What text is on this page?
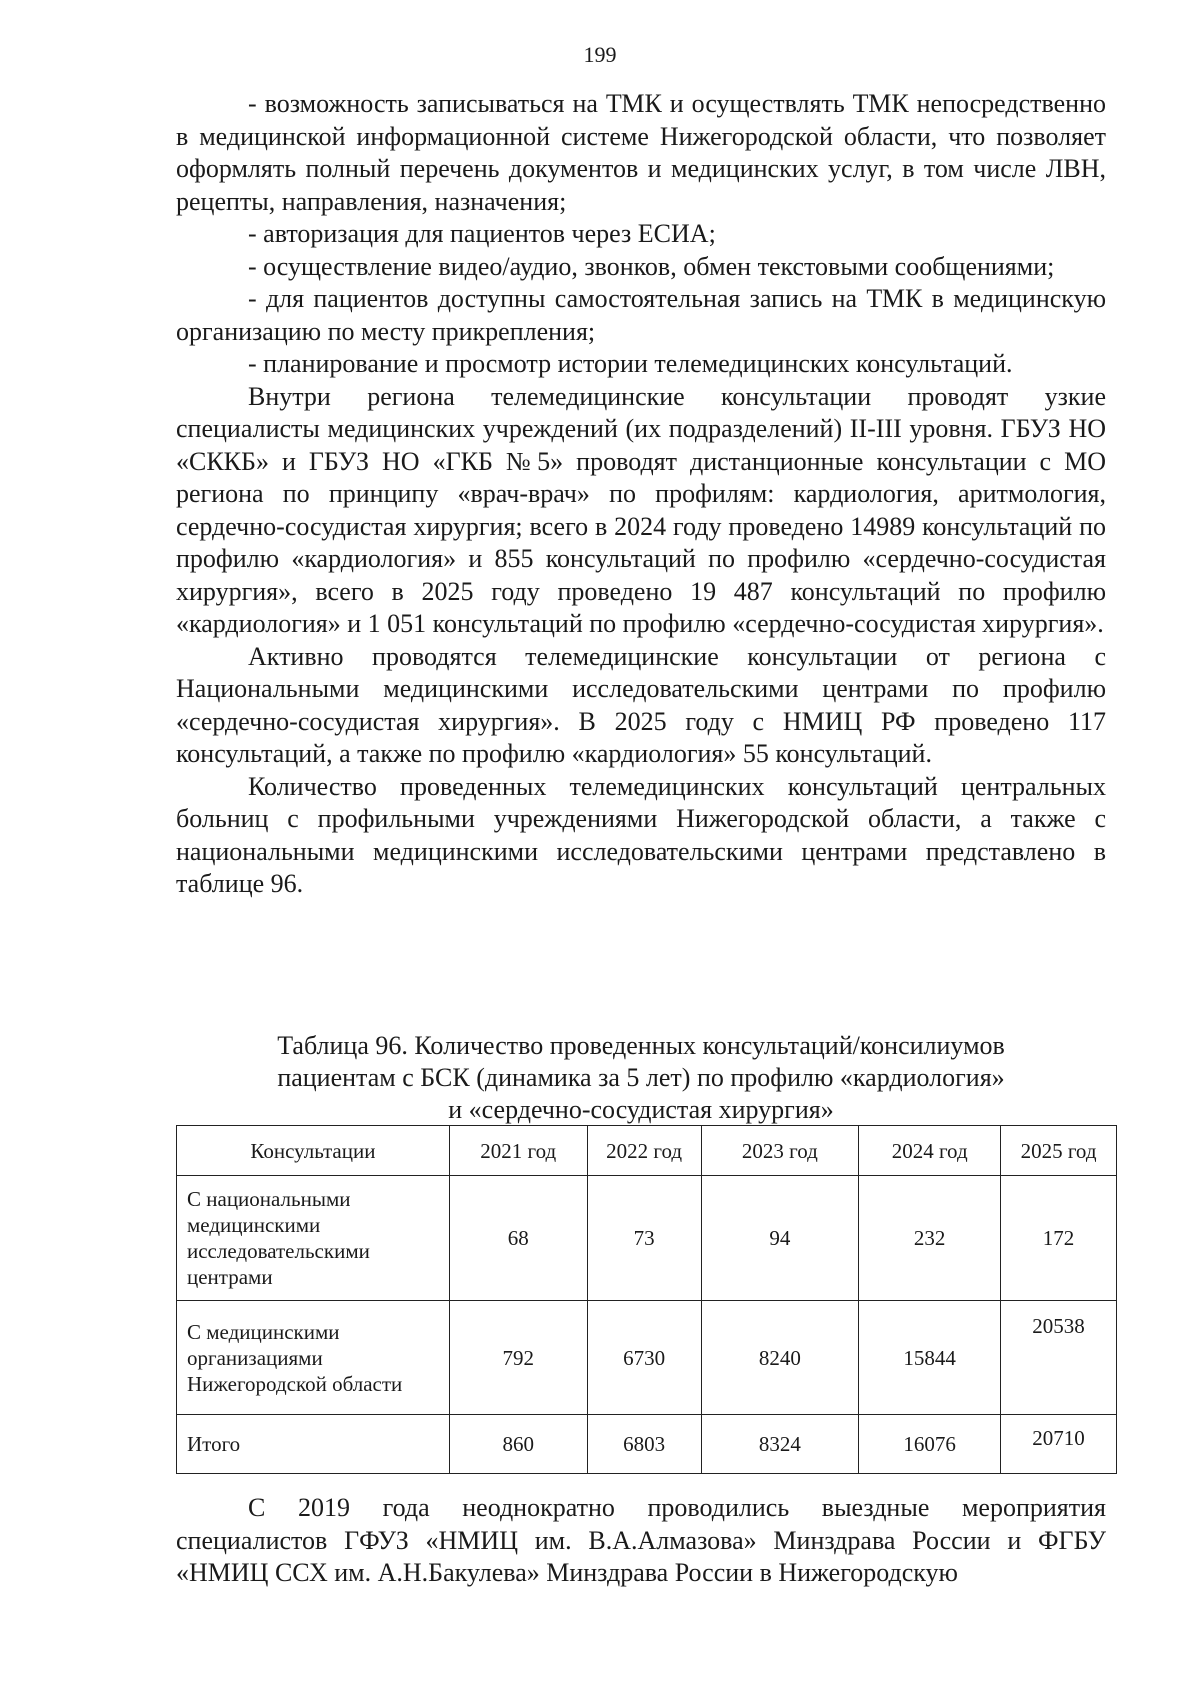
199

- возможность записываться на ТМК и осуществлять ТМК непосредственно в медицинской информационной системе Нижегородской области, что позволяет оформлять полный перечень документов и медицинских услуг, в том числе ЛВН, рецепты, направления, назначения;

- авторизация для пациентов через ЕСИА;

- осуществление видео/аудио, звонков, обмен текстовыми сообщениями;

- для пациентов доступны самостоятельная запись на ТМК в медицинскую организацию по месту прикрепления;

- планирование и просмотр истории телемедицинских консультаций.

Внутри региона телемедицинские консультации проводят узкие специалисты медицинских учреждений (их подразделений) II-III уровня. ГБУЗ НО «СККБ» и ГБУЗ НО «ГКБ №5» проводят дистанционные консультации с МО региона по принципу «врач-врач» по профилям: кардиология, аритмология, сердечно-сосудистая хирургия; всего в 2024 году проведено 14989 консультаций по профилю «кардиология» и 855 консультаций по профилю «сердечно-сосудистая хирургия», всего в 2025 году проведено 19 487 консультаций по профилю «кардиология» и 1 051 консультаций по профилю «сердечно-сосудистая хирургия».

Активно проводятся телемедицинские консультации от региона с Национальными медицинскими исследовательскими центрами по профилю «сердечно-сосудистая хирургия». В 2025 году с НМИЦ РФ проведено 117 консультаций, а также по профилю «кардиология» 55 консультаций.

Количество проведенных телемедицинских консультаций центральных больниц с профильными учреждениями Нижегородской области, а также с национальными медицинскими исследовательскими центрами представлено в таблице 96.

Таблица 96. Количество проведенных консультаций/консилиумов
пациентам с БСК (динамика за 5 лет) по профилю «кардиология»
и «сердечно-сосудистая хирургия»
Консультации	2021 год	2022 год	2023 год	2024 год	2025 год
С национальными медицинскими исследовательскими центрами	68	73	94	232	172
С медицинскими организациями Нижегородской области	792	6730	8240	15844	20538
Итого	860	6803	8324	16076	20710

С 2019 года неоднократно проводились выездные мероприятия специалистов ГФУЗ «НМИЦ им. В.А.Алмазова» Минздрава России и ФГБУ «НМИЦ ССХ им. А.Н.Бакулева» Минздрава России в Нижегородскую
